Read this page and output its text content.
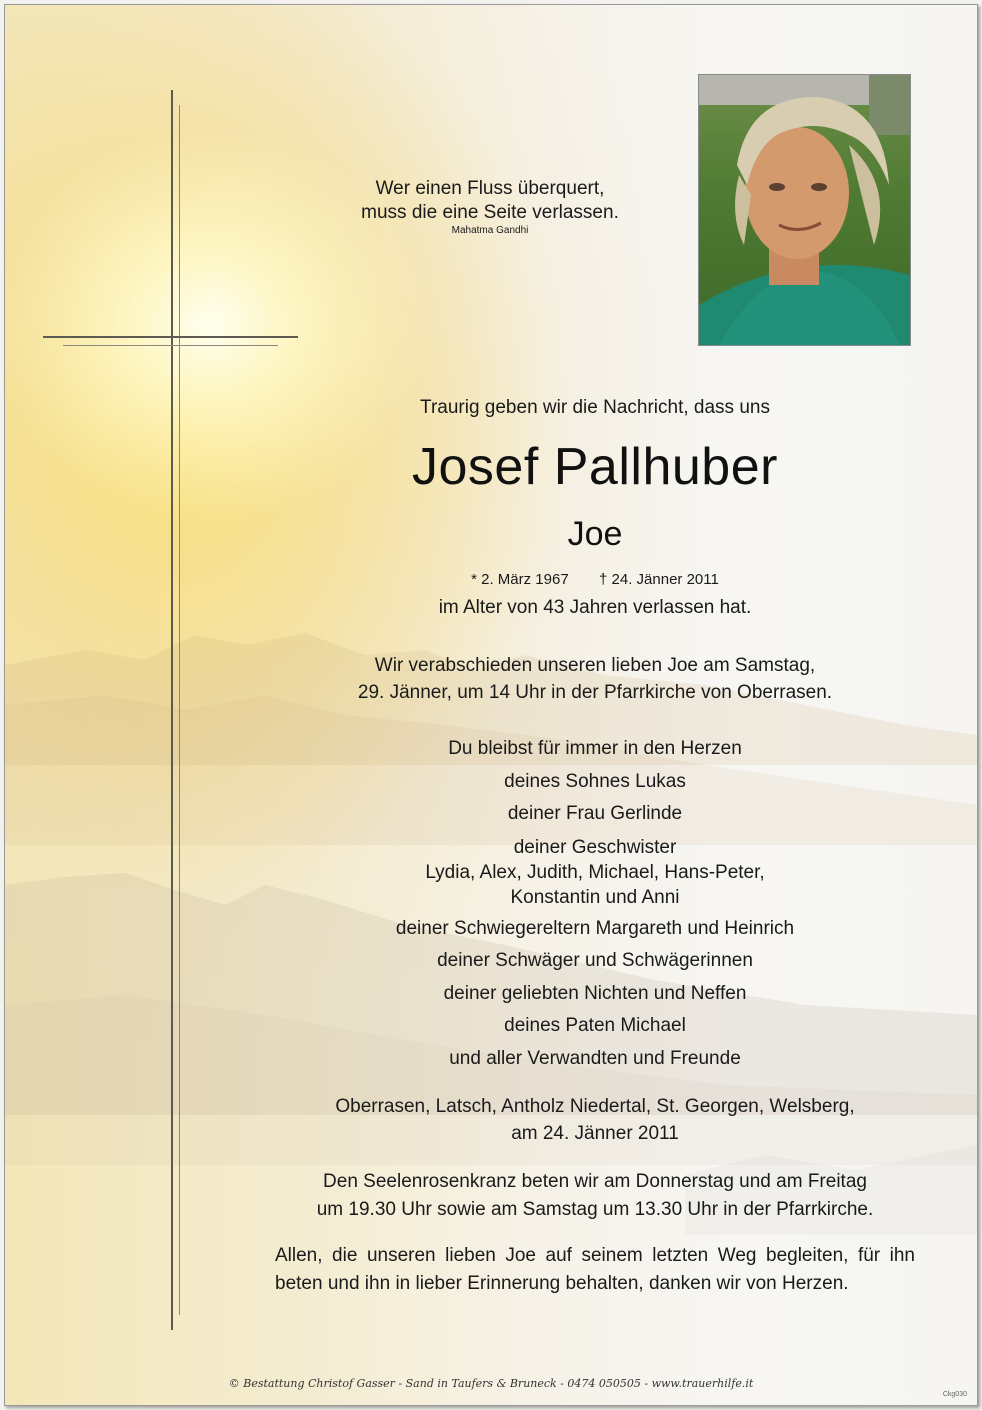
Wer einen Fluss überquert,
muss die eine Seite verlassen.
Mahatma Gandhi
Traurig geben wir die Nachricht, dass uns
Josef Pallhuber
Joe
* 2. März 1967 † 24. Jänner 2011
im Alter von 43 Jahren verlassen hat.
Wir verabschieden unseren lieben Joe am Samstag,
29. Jänner, um 14 Uhr in der Pfarrkirche von Oberrasen.
Du bleibst für immer in den Herzen
deines Sohnes Lukas
deiner Frau Gerlinde
deiner Geschwister
Lydia, Alex, Judith, Michael, Hans-Peter,
Konstantin und Anni
deiner Schwiegereltern Margareth und Heinrich
deiner Schwäger und Schwägerinnen
deiner geliebten Nichten und Neffen
deines Paten Michael
und aller Verwandten und Freunde
Oberrasen, Latsch, Antholz Niedertal, St. Georgen, Welsberg,
am 24. Jänner 2011
Den Seelenrosenkranz beten wir am Donnerstag und am Freitag
um 19.30 Uhr sowie am Samstag um 13.30 Uhr in der Pfarrkirche.
Allen, die unseren lieben Joe auf seinem letzten Weg begleiten, für ihn beten und ihn in lieber Erinnerung behalten, danken wir von Herzen.
© Bestattung Christof Gasser - Sand in Taufers & Bruneck - 0474 050505 - www.trauerhilfe.it
Ckg030
